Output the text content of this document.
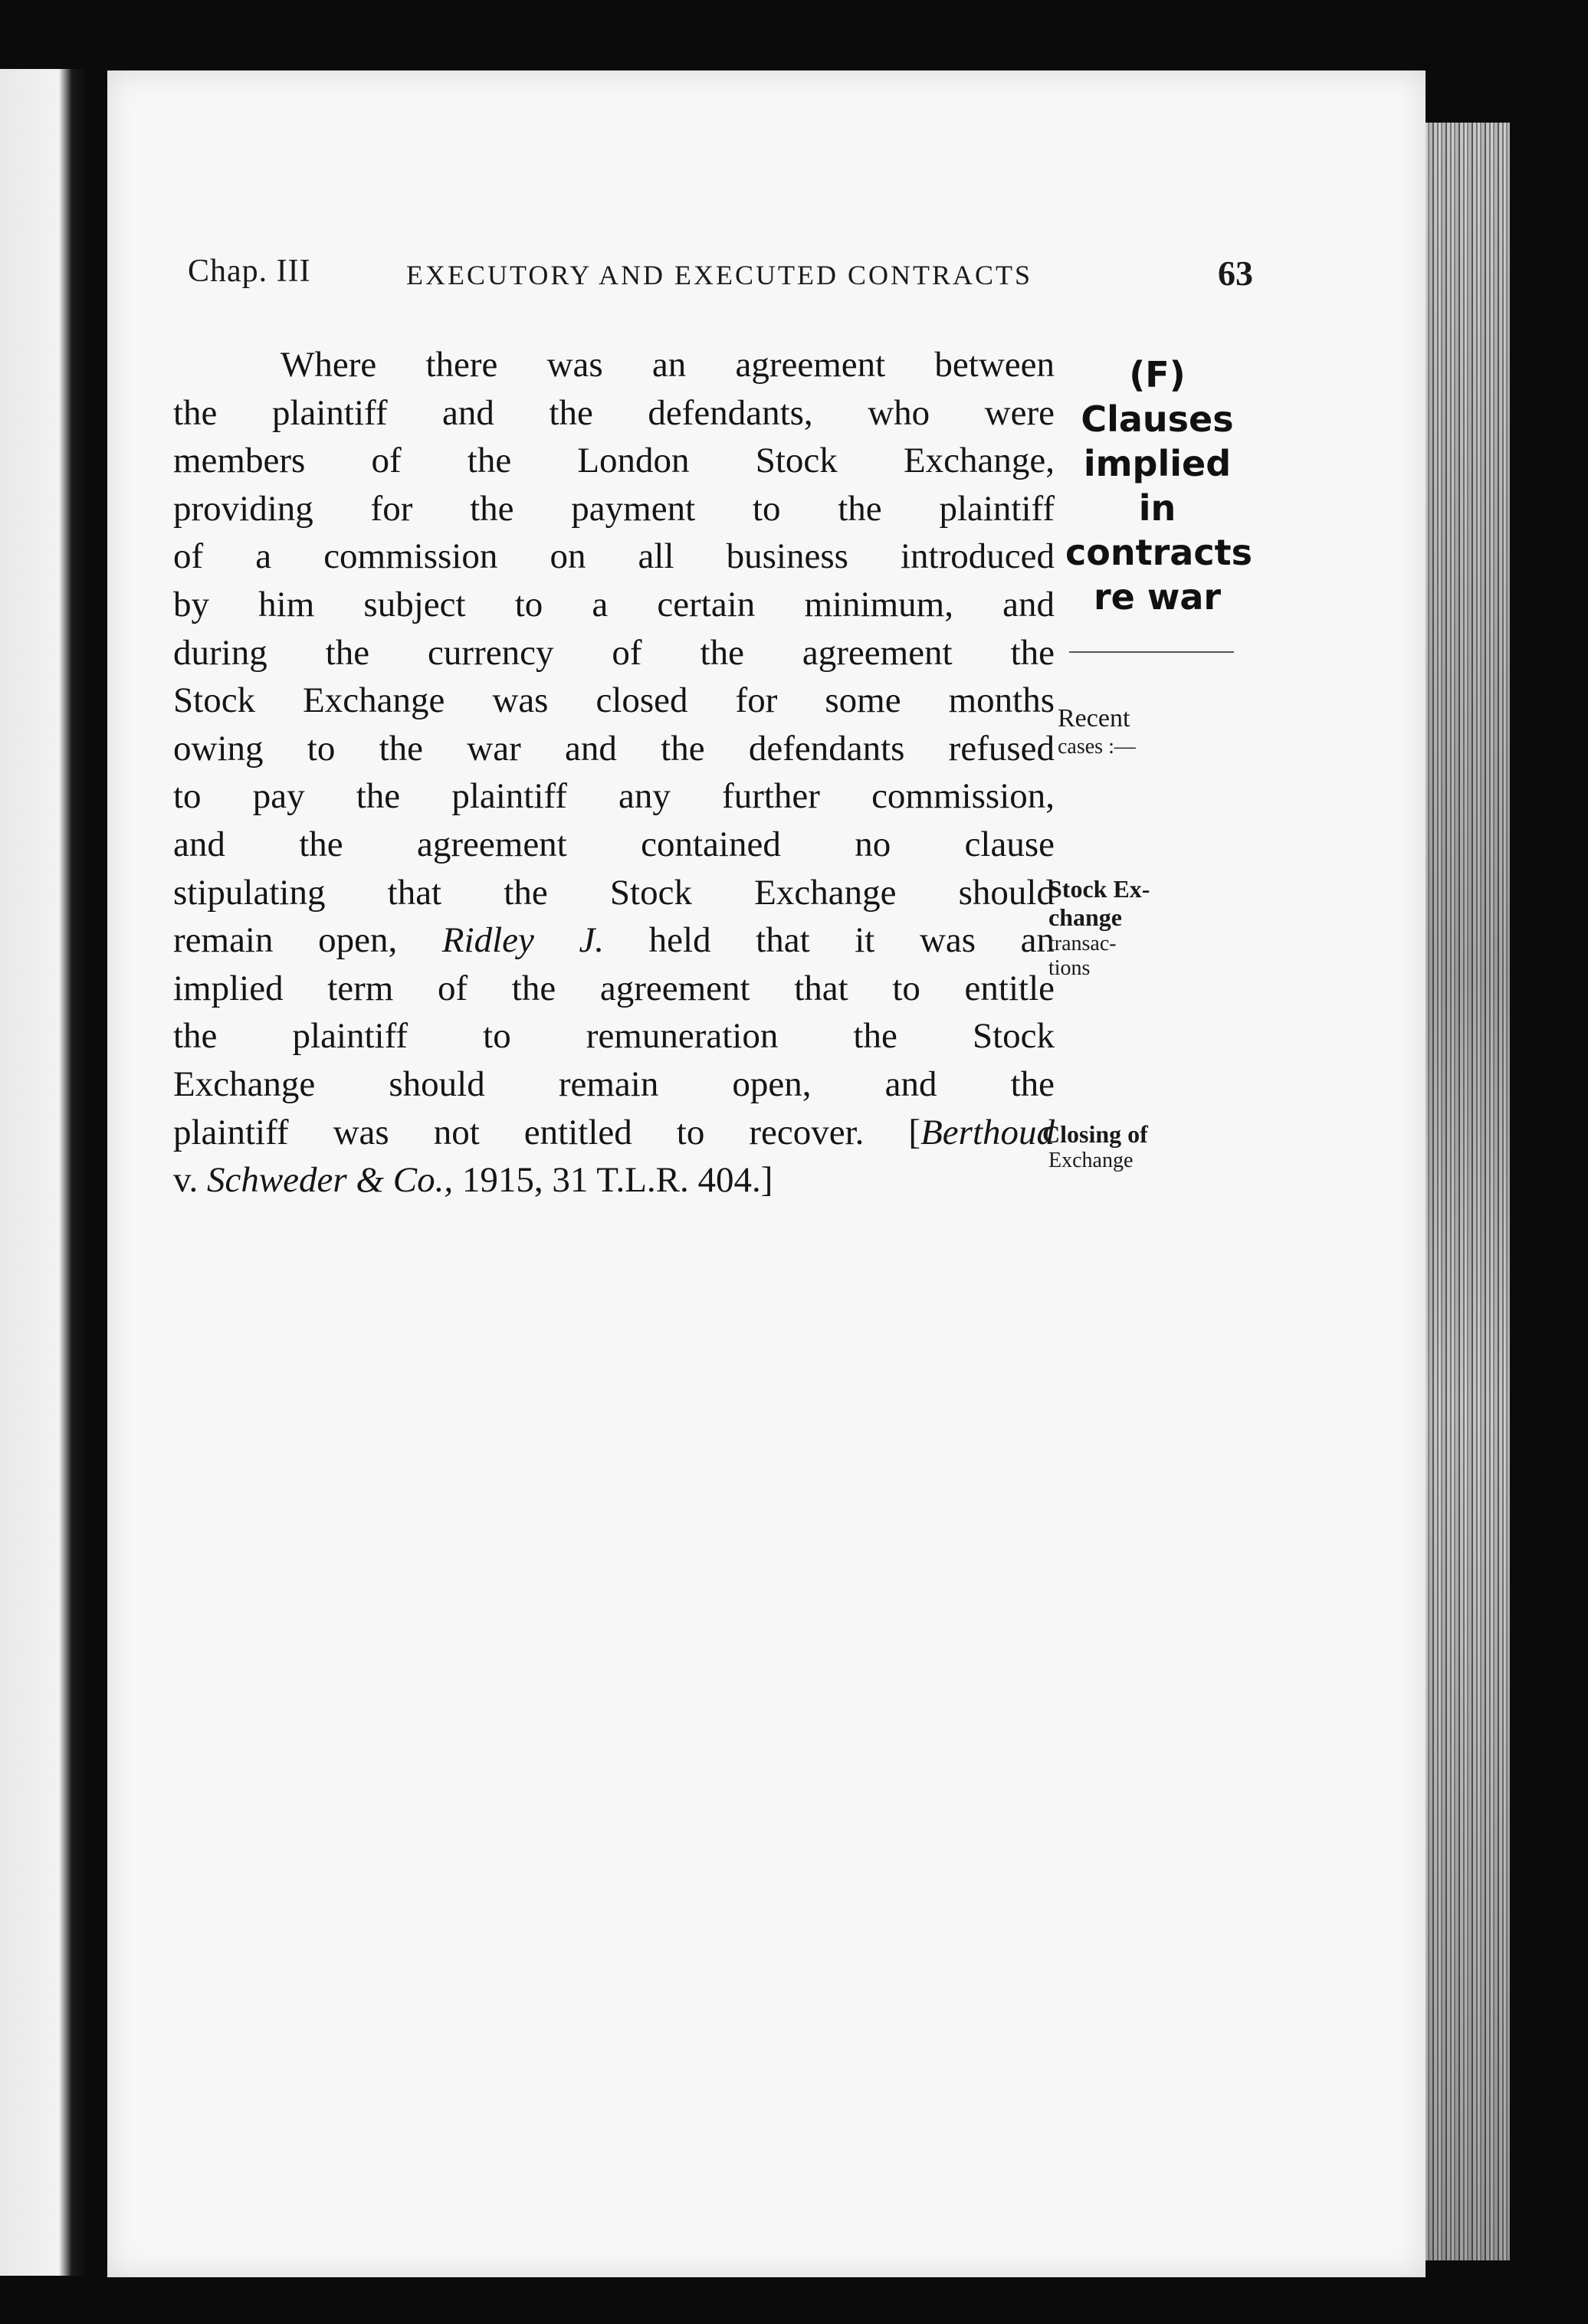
Chap. III	EXECUTORY AND EXECUTED CONTRACTS	63
Where there was an agreement between
the plaintiff and the defendants, who were
members of the London Stock Exchange,
providing for the payment to the plaintiff
of a commission on all business introduced
by him subject to a certain minimum, and
during the currency of the agreement the
Stock Exchange was closed for some months
owing to the war and the defendants refused
to pay the plaintiff any further commission,
and the agreement contained no clause
stipulating that the Stock Exchange should
remain open, Ridley J. held that it was an
implied term of the agreement that to entitle
the plaintiff to remuneration the Stock
Exchange should remain open, and the
plaintiff was not entitled to recover. [Berthoud
v. Schweder & Co., 1915, 31 T.L.R. 404.]
(F)
Clauses
implied
in
contracts
re war
Recent
cases :—
Stock Ex-
change
transac-
tions
Closing of
Exchange
